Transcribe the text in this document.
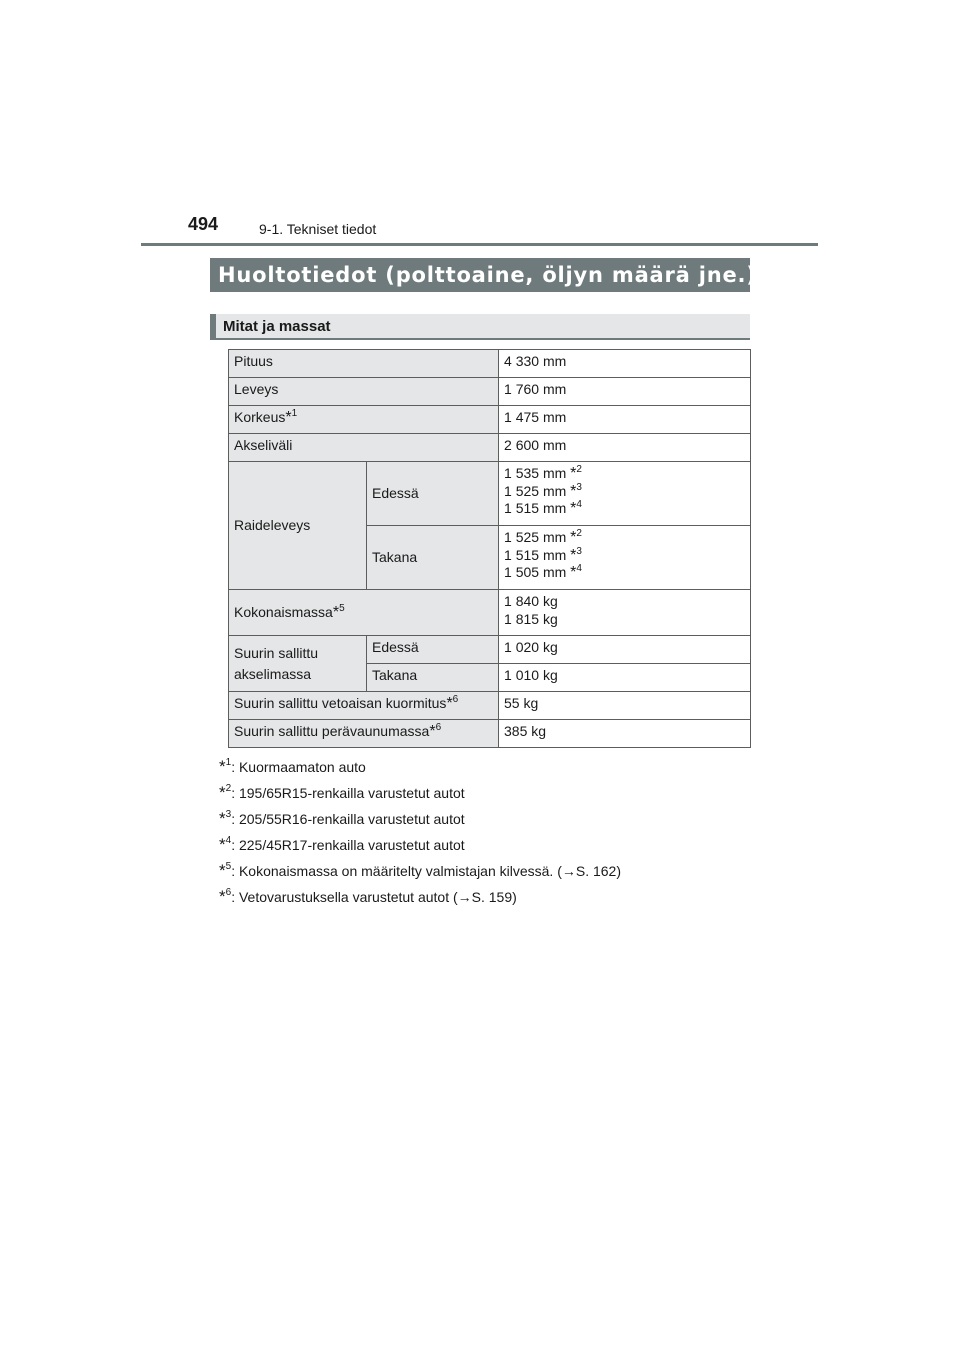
494	9-1. Tekniset tiedot
Huoltotiedot (polttoaine, öljyn määrä jne.)
Mitat ja massat
Pituus		4 330 mm
Leveys		1 760 mm
Korkeus*$^1$		1 475 mm
Akseliväli		2 600 mm
Raideleveys	Edessä	1 535 mm *$^2$
1 525 mm *$^3$
1 515 mm *$^4$

	Takana	1 525 mm *$^2$
1 515 mm *$^3$
1 505 mm *$^4$

Kokonaismassa*$^5$		1 840 kg
1 815 kg

Suurin sallittu
akselimassa	Edessä	1 020 kg
	Takana	1 010 kg
Suurin sallittu vetoaisan kuormitus*$^6$		55 kg
Suurin sallittu perävaunumassa*$^6$		385 kg
*$^1$: Kuormaamaton auto
*$^2$: 195/65R15-renkailla varustetut autot
*$^3$: 205/55R16-renkailla varustetut autot
*$^4$: 225/45R17-renkailla varustetut autot
*$^5$: Kokonaismassa on määritelty valmistajan kilvessä. (→S. 162)
*$^6$: Vetovarustuksella varustetut autot (→S. 159)
